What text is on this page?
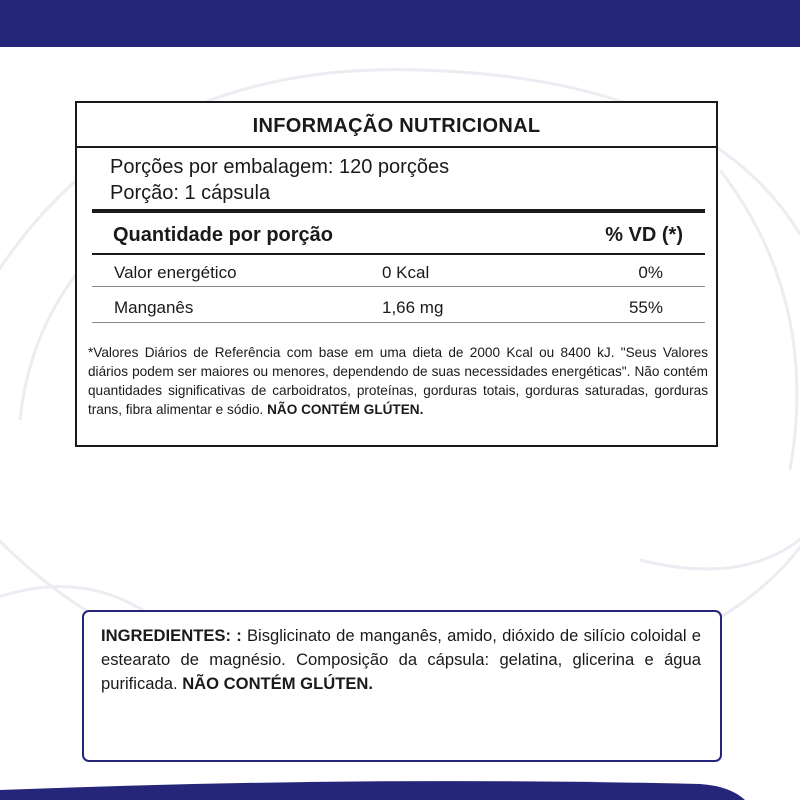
INFORMAÇÃO NUTRICIONAL
Porções por embalagem: 120 porções
Porção: 1 cápsula
Quantidade por porção	% VD (*)
Valor energético	0 Kcal	0%
Manganês	1,66 mg	55%
*Valores Diários de Referência com base em uma dieta de 2000 Kcal ou 8400 kJ. "Seus Valores diários podem ser maiores ou menores, dependendo de suas necessidades energéticas". Não contém quantidades significativas de carboidratos, proteínas, gorduras totais, gorduras saturadas, gorduras trans, fibra alimentar e sódio. NÃO CONTÉM GLÚTEN.
INGREDIENTES: : Bisglicinato de manganês, amido, dióxido de silício coloidal e estearato de magnésio. Composição da cápsula: gelatina, glicerina e água purificada. NÃO CONTÉM GLÚTEN.
